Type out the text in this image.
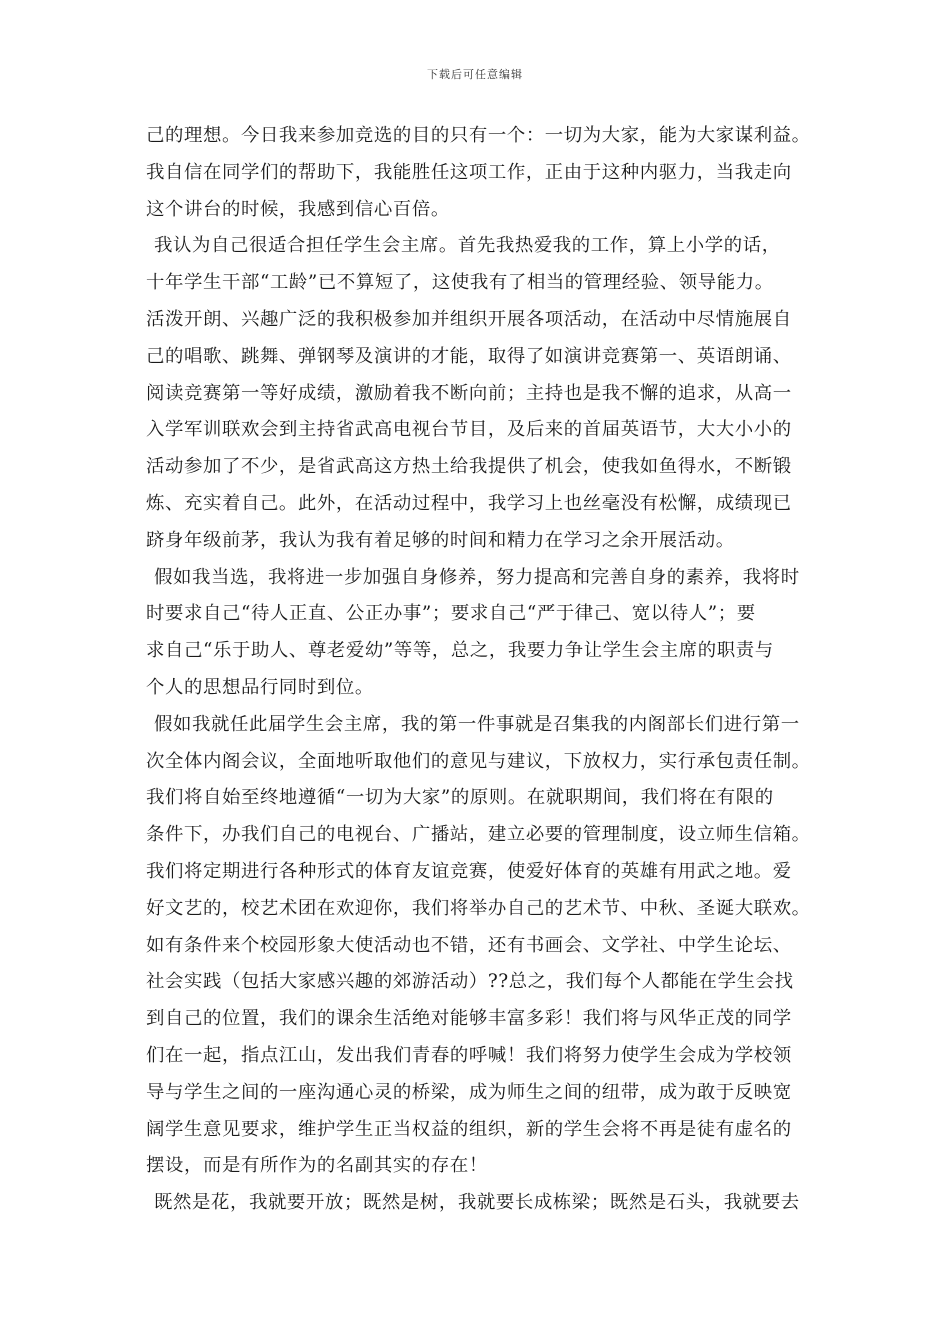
下载后可任意编辑
己的理想。今日我来参加竞选的目的只有一个：一切为大家，能为大家谋利益。
我自信在同学们的帮助下，我能胜任这项工作，正由于这种内驱力，当我走向
这个讲台的时候，我感到信心百倍。
我认为自己很适合担任学生会主席。首先我热爱我的工作，算上小学的话，
十年学生干部“工龄”已不算短了，这使我有了相当的管理经验、领导能力。
活泼开朗、兴趣广泛的我积极参加并组织开展各项活动，在活动中尽情施展自
己的唱歌、跳舞、弹钢琴及演讲的才能，取得了如演讲竞赛第一、英语朗诵、
阅读竞赛第一等好成绩，激励着我不断向前；主持也是我不懈的追求，从高一
入学军训联欢会到主持省武高电视台节目，及后来的首届英语节，大大小小的
活动参加了不少，是省武高这方热土给我提供了机会，使我如鱼得水，不断锻
炼、充实着自己。此外，在活动过程中，我学习上也丝毫没有松懈，成绩现已
跻身年级前茅，我认为我有着足够的时间和精力在学习之余开展活动。
假如我当选，我将进一步加强自身修养，努力提高和完善自身的素养，我将时
时要求自己“待人正直、公正办事”；要求自己“严于律己、宽以待人”；要
求自己“乐于助人、尊老爱幼”等等，总之，我要力争让学生会主席的职责与
个人的思想品行同时到位。
假如我就任此届学生会主席，我的第一件事就是召集我的内阁部长们进行第一
次全体内阁会议，全面地听取他们的意见与建议，下放权力，实行承包责任制。
我们将自始至终地遵循“一切为大家”的原则。在就职期间，我们将在有限的
条件下，办我们自己的电视台、广播站，建立必要的管理制度，设立师生信箱。
我们将定期进行各种形式的体育友谊竞赛，使爱好体育的英雄有用武之地。爱
好文艺的，校艺术团在欢迎你，我们将举办自己的艺术节、中秋、圣诞大联欢。
如有条件来个校园形象大使活动也不错，还有书画会、文学社、中学生论坛、
社会实践（包括大家感兴趣的郊游活动）??总之，我们每个人都能在学生会找
到自己的位置，我们的课余生活绝对能够丰富多彩！我们将与风华正茂的同学
们在一起，指点江山，发出我们青春的呼喊！我们将努力使学生会成为学校领
导与学生之间的一座沟通心灵的桥梁，成为师生之间的纽带，成为敢于反映宽
阔学生意见要求，维护学生正当权益的组织，新的学生会将不再是徒有虚名的
摆设，而是有所作为的名副其实的存在！
既然是花，我就要开放；既然是树，我就要长成栋梁；既然是石头，我就要去
